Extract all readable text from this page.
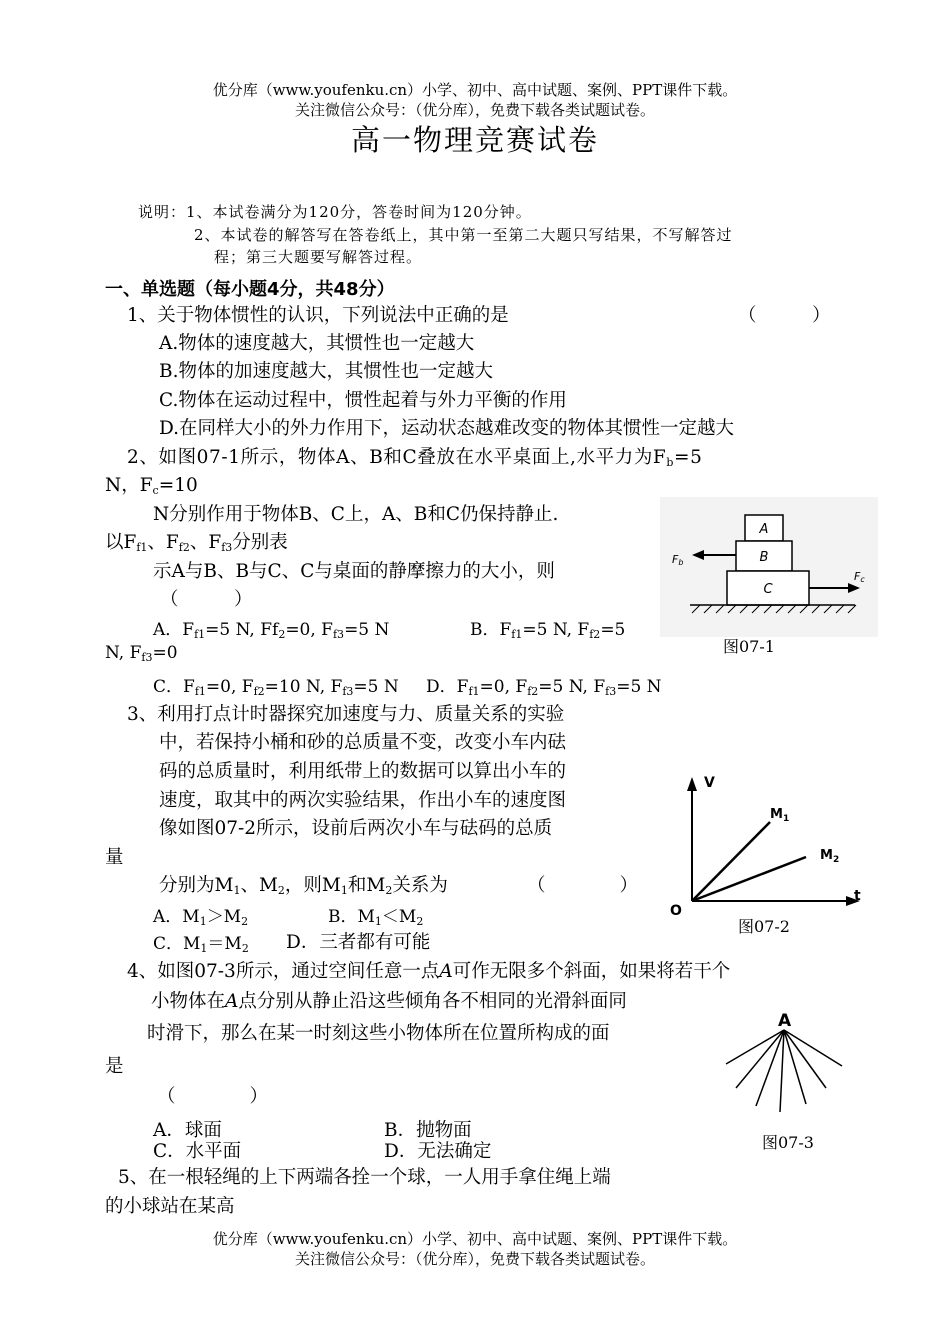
优分库（www.youfenku.cn）小学、初中、高中试题、案例、PPT课件下载。
关注微信公众号：（优分库），免费下载各类试题试卷。
高一物理竞赛试卷
说明：1、本试卷满分为120分，答卷时间为120分钟。
2、本试卷的解答写在答卷纸上，其中第一至第二大题只写结果，不写解答过
程；第三大题要写解答过程。
一、单选题（每小题4分，共48分）
1、关于物体惯性的认识，下列说法中正确的是	（　　　）
A.物体的速度越大，其惯性也一定越大
B.物体的加速度越大，其惯性也一定越大
C.物体在运动过程中，惯性起着与外力平衡的作用
D.在同样大小的外力作用下，运动状态越难改变的物体其惯性一定越大
2、如图07-1所示，物体A、B和C叠放在水平桌面上,水平力为$F_b=5$
N，$F_c=10$
N分别作用于物体B、C上，A、B和C仍保持静止.
以$F_{f1}$、$F_{f2}$、$F_{f3}$分别表
示A与B、B与C、C与桌面的静摩擦力的大小，则
（　　　）
A．$F_{f1}=5$ N, $Ff_2=0$, $F_{f3}=5$ N	B．$F_{f1}=5$ N, $F_{f2}=5$
N, $F_{f3}=0$
C．$F_{f1}=0$, $F_{f2}=10$ N, $F_{f3}=5$ N D．$F_{f1}=0$, $F_{f2}=5$ N, $F_{f3}=5$ N
A
B
C
Fb
Fc
图07-1
3、利用打点计时器探究加速度与力、质量关系的实验
中，若保持小桶和砂的总质量不变，改变小车内砝
码的总质量时，利用纸带上的数据可以算出小车的
速度，取其中的两次实验结果，作出小车的速度图
像如图07-2所示，设前后两次小车与砝码的总质
量
分别为$M_1$、$M_2$，则$M_1$和$M_2$关系为	（　　　　）
A．$M_1>M_2$	B．$M_1<M_2$
C．$M_1=M_2$ D．三者都有可能
V
t
O
$M_1$
$M_2$
图07-2
4、如图07-3所示，通过空间任意一点A可作无限多个斜面，如果将若干个
小物体在A点分别从静止沿这些倾角各不相同的光滑斜面同
时滑下，那么在某一时刻这些小物体所在位置所构成的面
是
（　　　　）
A．球面	B．抛物面
C．水平面	D．无法确定
A
图07-3
5、在一根轻绳的上下两端各拴一个球，一人用手拿住绳上端
的小球站在某高
优分库（www.youfenku.cn）小学、初中、高中试题、案例、PPT课件下载。
关注微信公众号：（优分库），免费下载各类试题试卷。
